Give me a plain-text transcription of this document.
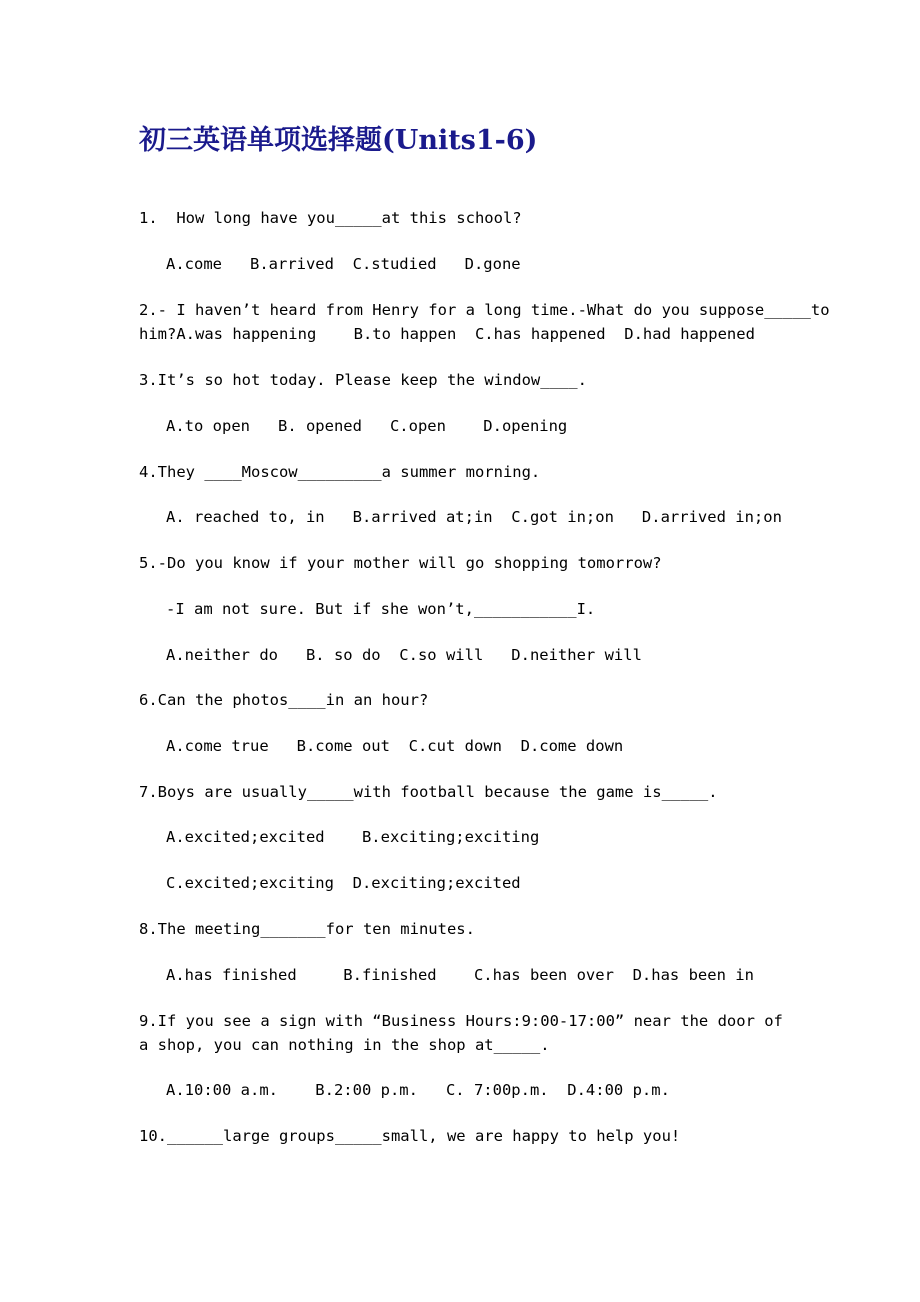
初三英语单项选择题(Units1-6)
1.  How long have you_____at this school?
A.come   B.arrived  C.studied   D.gone
2.- I haven’t heard from Henry for a long time.-What do you suppose_____to
him?A.was happening    B.to happen  C.has happened  D.had happened
3.It’s so hot today. Please keep the window____.
A.to open   B. opened   C.open    D.opening
4.They ____Moscow_________a summer morning.
A. reached to, in   B.arrived at;in  C.got in;on   D.arrived in;on
5.-Do you know if your mother will go shopping tomorrow?
-I am not sure. But if she won’t,___________I.
A.neither do   B. so do  C.so will   D.neither will
6.Can the photos____in an hour?
A.come true   B.come out  C.cut down  D.come down
7.Boys are usually_____with football because the game is_____.
A.excited;excited    B.exciting;exciting
C.excited;exciting  D.exciting;excited
8.The meeting_______for ten minutes.
A.has finished     B.finished    C.has been over  D.has been in
9.If you see a sign with “Business Hours:9:00-17:00” near the door of
a shop, you can nothing in the shop at_____.
A.10:00 a.m.    B.2:00 p.m.   C. 7:00p.m.  D.4:00 p.m.
10.______large groups_____small, we are happy to help you!
